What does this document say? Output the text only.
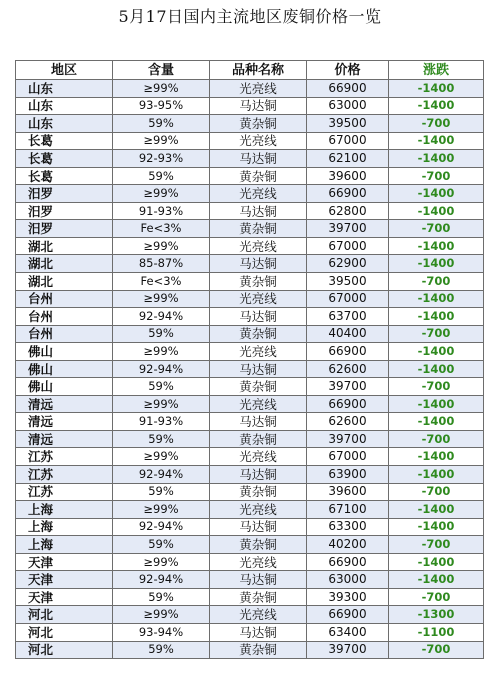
5月17日国内主流地区废铜价格一览
地区	含量	品种名称	价格	涨跌
山东	≥99%	光亮线	66900	-1400
山东	93-95%	马达铜	63000	-1400
山东	59%	黄杂铜	39500	-700
长葛	≥99%	光亮线	67000	-1400
长葛	92-93%	马达铜	62100	-1400
长葛	59%	黄杂铜	39600	-700
汨罗	≥99%	光亮线	66900	-1400
汨罗	91-93%	马达铜	62800	-1400
汨罗	Fe<3%	黄杂铜	39700	-700
湖北	≥99%	光亮线	67000	-1400
湖北	85-87%	马达铜	62900	-1400
湖北	Fe<3%	黄杂铜	39500	-700
台州	≥99%	光亮线	67000	-1400
台州	92-94%	马达铜	63700	-1400
台州	59%	黄杂铜	40400	-700
佛山	≥99%	光亮线	66900	-1400
佛山	92-94%	马达铜	62600	-1400
佛山	59%	黄杂铜	39700	-700
清远	≥99%	光亮线	66900	-1400
清远	91-93%	马达铜	62600	-1400
清远	59%	黄杂铜	39700	-700
江苏	≥99%	光亮线	67000	-1400
江苏	92-94%	马达铜	63900	-1400
江苏	59%	黄杂铜	39600	-700
上海	≥99%	光亮线	67100	-1400
上海	92-94%	马达铜	63300	-1400
上海	59%	黄杂铜	40200	-700
天津	≥99%	光亮线	66900	-1400
天津	92-94%	马达铜	63000	-1400
天津	59%	黄杂铜	39300	-700
河北	≥99%	光亮线	66900	-1300
河北	93-94%	马达铜	63400	-1100
河北	59%	黄杂铜	39700	-700
